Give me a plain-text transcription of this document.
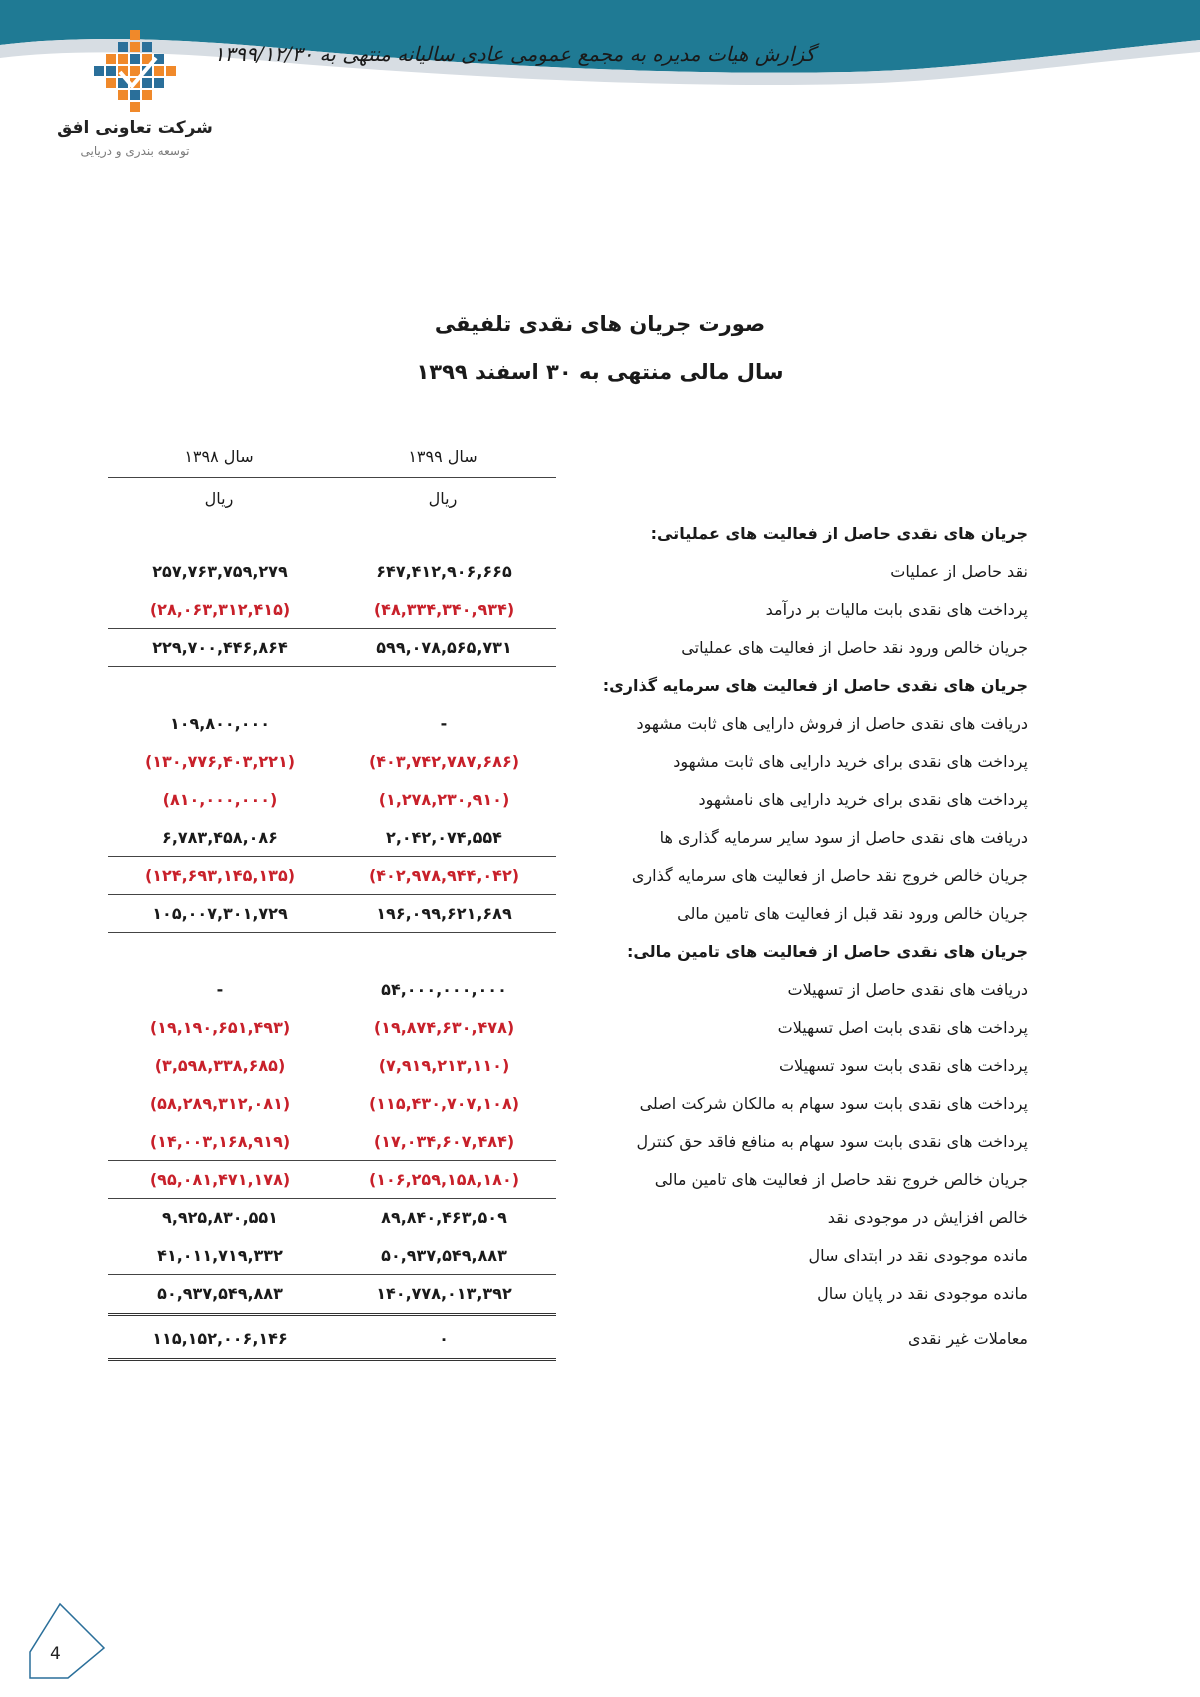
گزارش هیات مدیره به مجمع عمومی عادی سالیانه منتهی به ۱۳۹۹/۱۲/۳۰
شرکت تعاونی افق
توسعه بندری و دریایی
صورت جریان های نقدی تلفیقی
سال مالی منتهی به ۳۰ اسفند ۱۳۹۹
سال ۱۳۹۹
سال ۱۳۹۸
ریال
ریال
جریان های نقدی حاصل از فعالیت های عملیاتی:
نقد حاصل از عملیات
۶۴۷,۴۱۲,۹۰۶,۶۶۵
۲۵۷,۷۶۳,۷۵۹,۲۷۹
پرداخت های نقدی بابت مالیات بر درآمد
(۴۸,۳۳۴,۳۴۰,۹۳۴)
(۲۸,۰۶۳,۳۱۲,۴۱۵)
جریان خالص ورود نقد حاصل از فعالیت های عملیاتی
۵۹۹,۰۷۸,۵۶۵,۷۳۱
۲۲۹,۷۰۰,۴۴۶,۸۶۴
جریان های نقدی حاصل از فعالیت های سرمایه گذاری:
دریافت های نقدی حاصل از فروش دارایی های ثابت مشهود
-
۱۰۹,۸۰۰,۰۰۰
پرداخت های نقدی برای خرید دارایی های ثابت مشهود
(۴۰۳,۷۴۲,۷۸۷,۶۸۶)
(۱۳۰,۷۷۶,۴۰۳,۲۲۱)
پرداخت های نقدی برای خرید دارایی های نامشهود
(۱,۲۷۸,۲۳۰,۹۱۰)
(۸۱۰,۰۰۰,۰۰۰)
دریافت های نقدی حاصل از سود سایر سرمایه گذاری ها
۲,۰۴۲,۰۷۴,۵۵۴
۶,۷۸۳,۴۵۸,۰۸۶
جریان خالص خروج نقد حاصل از فعالیت های سرمایه گذاری
(۴۰۲,۹۷۸,۹۴۴,۰۴۲)
(۱۲۴,۶۹۳,۱۴۵,۱۳۵)
جریان خالص ورود نقد قبل از فعالیت های تامین مالی
۱۹۶,۰۹۹,۶۲۱,۶۸۹
۱۰۵,۰۰۷,۳۰۱,۷۲۹
جریان های نقدی حاصل از فعالیت های تامین مالی:
دریافت های نقدی حاصل از تسهیلات
۵۴,۰۰۰,۰۰۰,۰۰۰
-
پرداخت های نقدی بابت اصل تسهیلات
(۱۹,۸۷۴,۶۳۰,۴۷۸)
(۱۹,۱۹۰,۶۵۱,۴۹۳)
پرداخت های نقدی بابت سود تسهیلات
(۷,۹۱۹,۲۱۳,۱۱۰)
(۳,۵۹۸,۳۳۸,۶۸۵)
پرداخت های نقدی بابت سود سهام به مالکان شرکت اصلی
(۱۱۵,۴۳۰,۷۰۷,۱۰۸)
(۵۸,۲۸۹,۳۱۲,۰۸۱)
پرداخت های نقدی بابت سود سهام به منافع فاقد حق کنترل
(۱۷,۰۳۴,۶۰۷,۴۸۴)
(۱۴,۰۰۳,۱۶۸,۹۱۹)
جریان خالص خروج نقد حاصل از فعالیت های تامین مالی
(۱۰۶,۲۵۹,۱۵۸,۱۸۰)
(۹۵,۰۸۱,۴۷۱,۱۷۸)
خالص افزایش در موجودی نقد
۸۹,۸۴۰,۴۶۳,۵۰۹
۹,۹۲۵,۸۳۰,۵۵۱
مانده موجودی نقد در ابتدای سال
۵۰,۹۳۷,۵۴۹,۸۸۳
۴۱,۰۱۱,۷۱۹,۳۳۲
مانده موجودی نقد در پایان سال
۱۴۰,۷۷۸,۰۱۳,۳۹۲
۵۰,۹۳۷,۵۴۹,۸۸۳
معاملات غیر نقدی
۰
۱۱۵,۱۵۲,۰۰۶,۱۴۶
4
